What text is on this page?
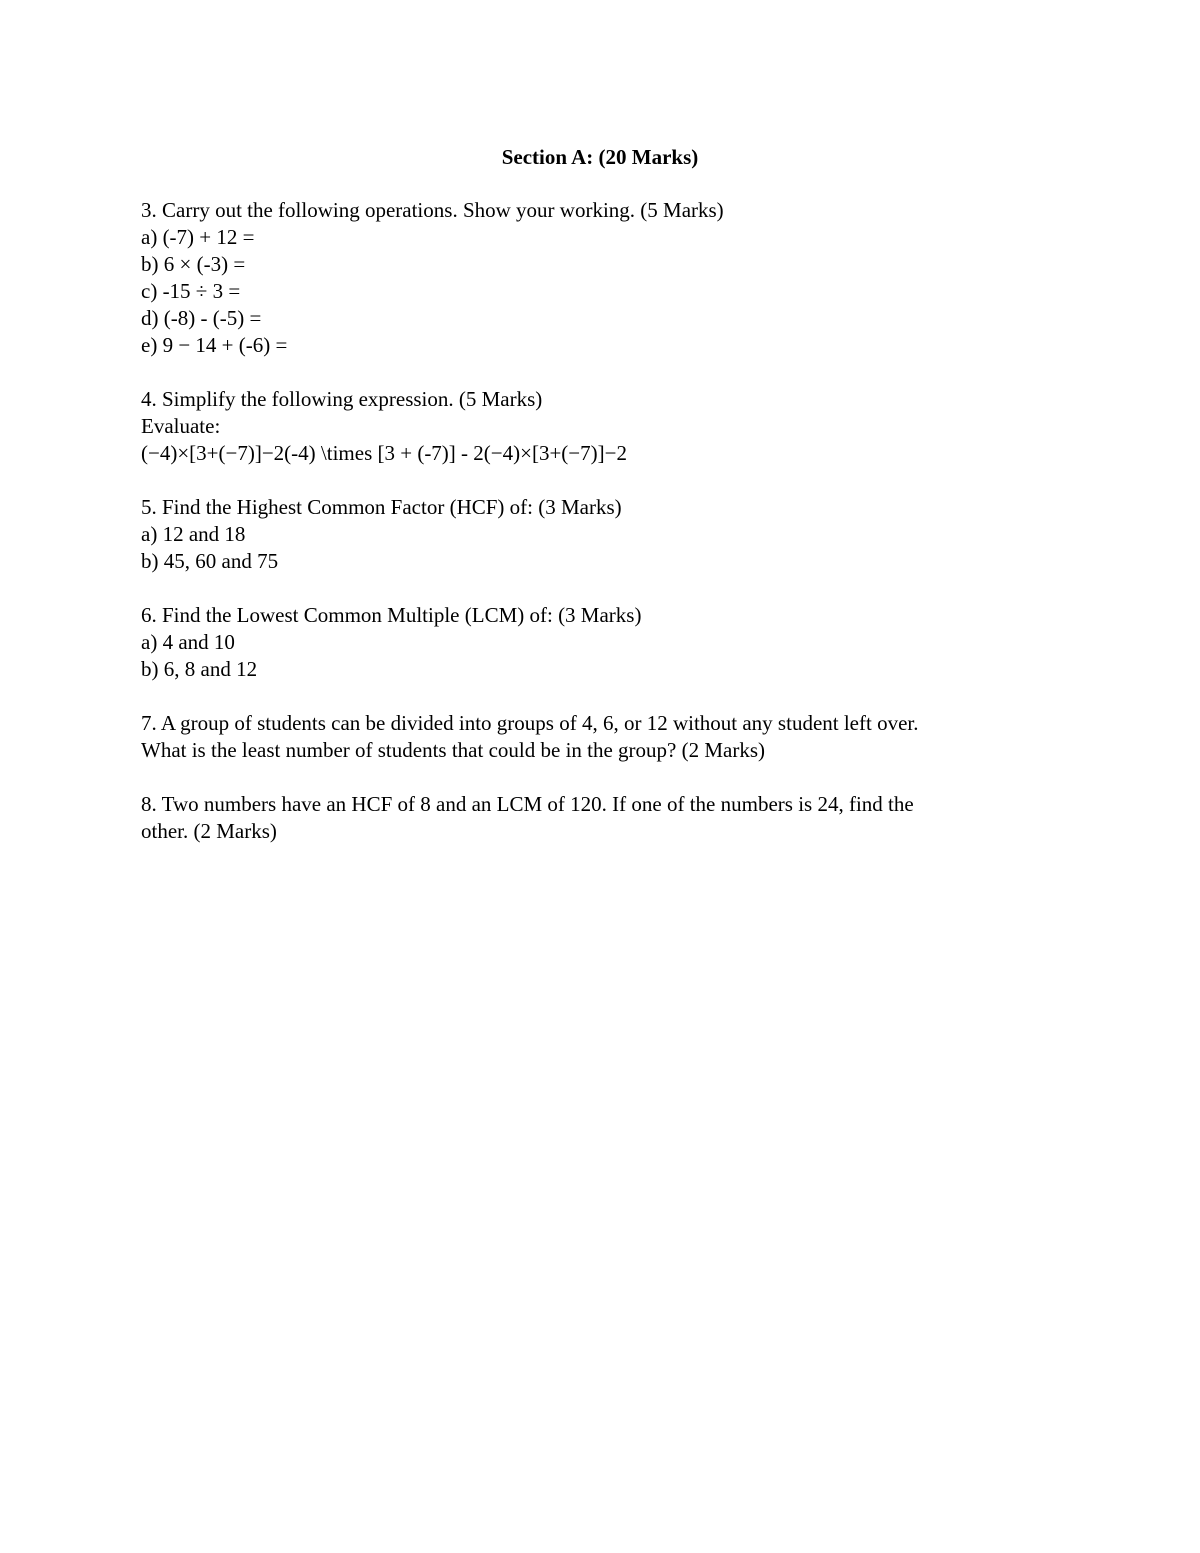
Section A: (20 Marks)
3. Carry out the following operations. Show your working. (5 Marks)
a) (-7) + 12 =
b) 6 × (-3) =
c) -15 ÷ 3 =
d) (-8) - (-5) =
e) 9 − 14 + (-6) =
4. Simplify the following expression. (5 Marks)
Evaluate:
(−4)×[3+(−7)]−2(-4) \times [3 + (-7)] - 2(−4)×[3+(−7)]−2
5. Find the Highest Common Factor (HCF) of: (3 Marks)
a) 12 and 18
b) 45, 60 and 75
6. Find the Lowest Common Multiple (LCM) of: (3 Marks)
a) 4 and 10
b) 6, 8 and 12
7. A group of students can be divided into groups of 4, 6, or 12 without any student left over.
What is the least number of students that could be in the group? (2 Marks)
8. Two numbers have an HCF of 8 and an LCM of 120. If one of the numbers is 24, find the
other. (2 Marks)
